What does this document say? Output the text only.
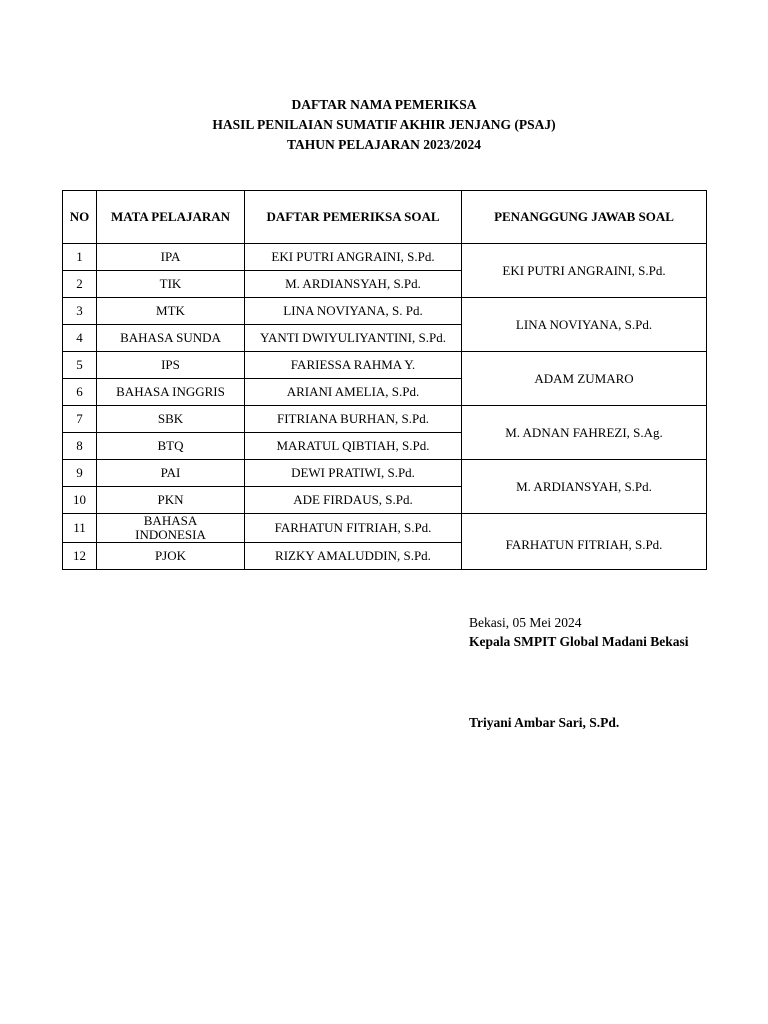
DAFTAR NAMA PEMERIKSA
HASIL PENILAIAN SUMATIF AKHIR JENJANG (PSAJ)
TAHUN PELAJARAN 2023/2024
NO	MATA PELAJARAN	DAFTAR PEMERIKSA SOAL	PENANGGUNG JAWAB SOAL
1	IPA	EKI PUTRI ANGRAINI, S.Pd.	EKI PUTRI ANGRAINI, S.Pd.
2	TIK	M. ARDIANSYAH, S.Pd.	
3	MTK	LINA NOVIYANA, S. Pd.	LINA NOVIYANA, S.Pd.
4	BAHASA SUNDA	YANTI DWIYULIYANTINI, S.Pd.	
5	IPS	FARIESSA RAHMA Y.	ADAM ZUMARO
6	BAHASA INGGRIS	ARIANI AMELIA, S.Pd.	
7	SBK	FITRIANA BURHAN, S.Pd.	M. ADNAN FAHREZI, S.Ag.
8	BTQ	MARATUL QIBTIAH, S.Pd.	
9	PAI	DEWI PRATIWI, S.Pd.	M. ARDIANSYAH, S.Pd.
10	PKN	ADE FIRDAUS, S.Pd.	
11	BAHASA INDONESIA	FARHATUN FITRIAH, S.Pd.	FARHATUN FITRIAH, S.Pd.
12	PJOK	RIZKY AMALUDDIN, S.Pd.	
Bekasi, 05 Mei 2024
Kepala SMPIT Global Madani Bekasi
Triyani Ambar Sari, S.Pd.
